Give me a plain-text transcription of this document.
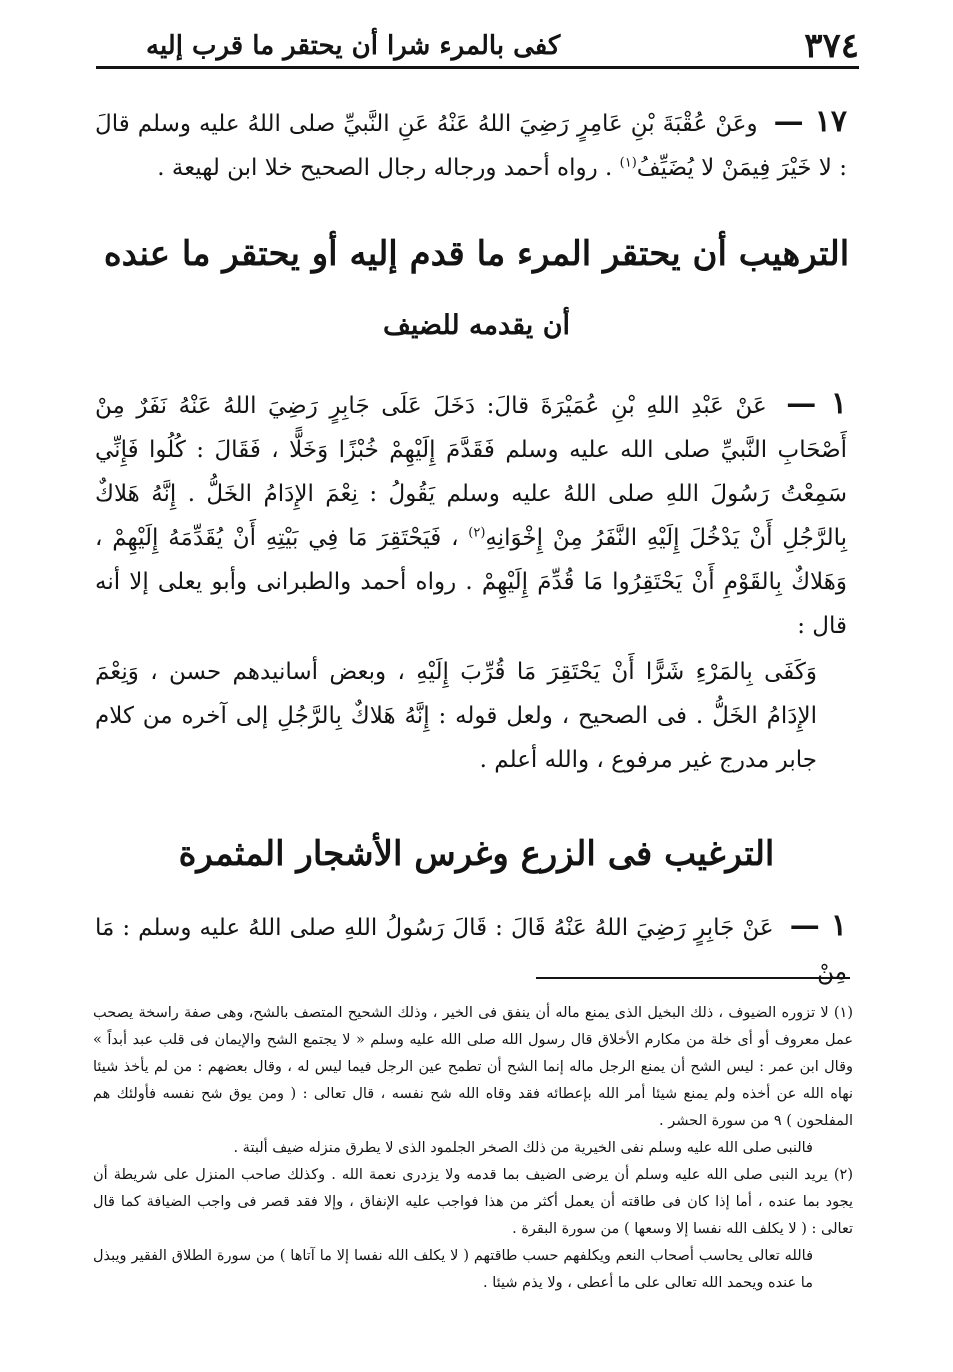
٣٧٤
كفى بالمرء شرا أن يحتقر ما قرب إليه
١٧ — وعَنْ عُقْبَةَ بْنِ عَامِرٍ رَضِيَ اللهُ عَنْهُ عَنِ النَّبيِّ صلى اللهُ عليه وسلم قالَ : لا خَيْرَ فِيمَنْ لا يُضَيِّفُ$^{(١)}$ . رواه أحمد ورجاله رجال الصحيح خلا ابن لهيعة .
الترهيب أن يحتقر المرء ما قدم إليه أو يحتقر ما عنده
أن يقدمه للضيف
١ — عَنْ عَبْدِ اللهِ بْنِ عُمَيْرَةَ قالَ: دَخَلَ عَلَى جَابِرٍ رَضِيَ اللهُ عَنْهُ نَفَرٌ مِنْ أَصْحَابِ النَّبيِّ صلى الله عليه وسلم فَقَدَّمَ إِلَيْهِمْ خُبْزًا وَخَلًّا ، فَقَالَ : كُلُوا فَإِنِّي سَمِعْتُ رَسُولَ اللهِ صلى اللهُ عليه وسلم يَقُولُ : نِعْمَ الإِدَامُ الخَلُّ . إِنَّهُ هَلاكٌ بِالرَّجُلِ أَنْ يَدْخُلَ إِلَيْهِ النَّفَرُ مِنْ إِخْوَانِهِ$^{(٢)}$ ، فَيَحْتَقِرَ مَا فِي بَيْتِهِ أَنْ يُقَدِّمَهُ إِلَيْهِمْ ، وَهَلاكٌ بِالقَوْمِ أَنْ يَحْتَقِرُوا مَا قُدِّمَ إِلَيْهِمْ . رواه أحمد والطبرانى وأبو يعلى إلا أنه قال :
وَكَفَى بِالمَرْءِ شَرًّا أَنْ يَحْتَقِرَ مَا قُرِّبَ إِلَيْهِ ، وبعض أسانيدهم حسن ، وَنِعْمَ الإِدَامُ الخَلُّ . فى الصحيح ، ولعل قوله : إِنَّهُ هَلاكٌ بِالرَّجُلِ إلى آخره من كلام جابر مدرج غير مرفوع ، والله أعلم .
الترغيب فى الزرع وغرس الأشجار المثمرة
١ — عَنْ جَابِرٍ رَضِيَ اللهُ عَنْهُ قَالَ : قَالَ رَسُولُ اللهِ صلى اللهُ عليه وسلم : مَا مِنْ

(١) لا تزوره الضيوف ، ذلك البخيل الذى يمنع ماله أن ينفق فى الخير ، وذلك الشحيح المتصف بالشح، وهى صفة راسخة يصحب عمل معروف أو أى خلة من مكارم الأخلاق قال رسول الله صلى الله عليه وسلم « لا يجتمع الشح والإيمان فى قلب عبد أبداً » وقال ابن عمر : ليس الشح أن يمنع الرجل ماله إنما الشح أن تطمح عين الرجل فيما ليس له ، وقال بعضهم : من لم يأخذ شيئا نهاه الله عن أخذه ولم يمنع شيئا أمر الله بإعطائه فقد وقاه الله شح نفسه ، قال تعالى : ( ومن يوق شح نفسه فأولئك هم المفلحون ) ٩ من سورة الحشر .

فالنبى صلى الله عليه وسلم نفى الخيرية من ذلك الصخر الجلمود الذى لا يطرق منزله ضيف ألبتة .

(٢) يريد النبى صلى الله عليه وسلم أن يرضى الضيف بما قدمه ولا يزدرى نعمة الله . وكذلك صاحب المنزل على شريطة أن يجود بما عنده ، أما إذا كان فى طاقته أن يعمل أكثر من هذا فواجب عليه الإنفاق ، وإلا فقد قصر فى واجب الضيافة كما قال تعالى : ( لا يكلف الله نفسا إلا وسعها ) من سورة البقرة .

فالله تعالى يحاسب أصحاب النعم ويكلفهم حسب طاقتهم ( لا يكلف الله نفسا إلا ما آتاها ) من سورة الطلاق الفقير ويبذل ما عنده ويحمد الله تعالى على ما أعطى ، ولا يذم شيئا .
